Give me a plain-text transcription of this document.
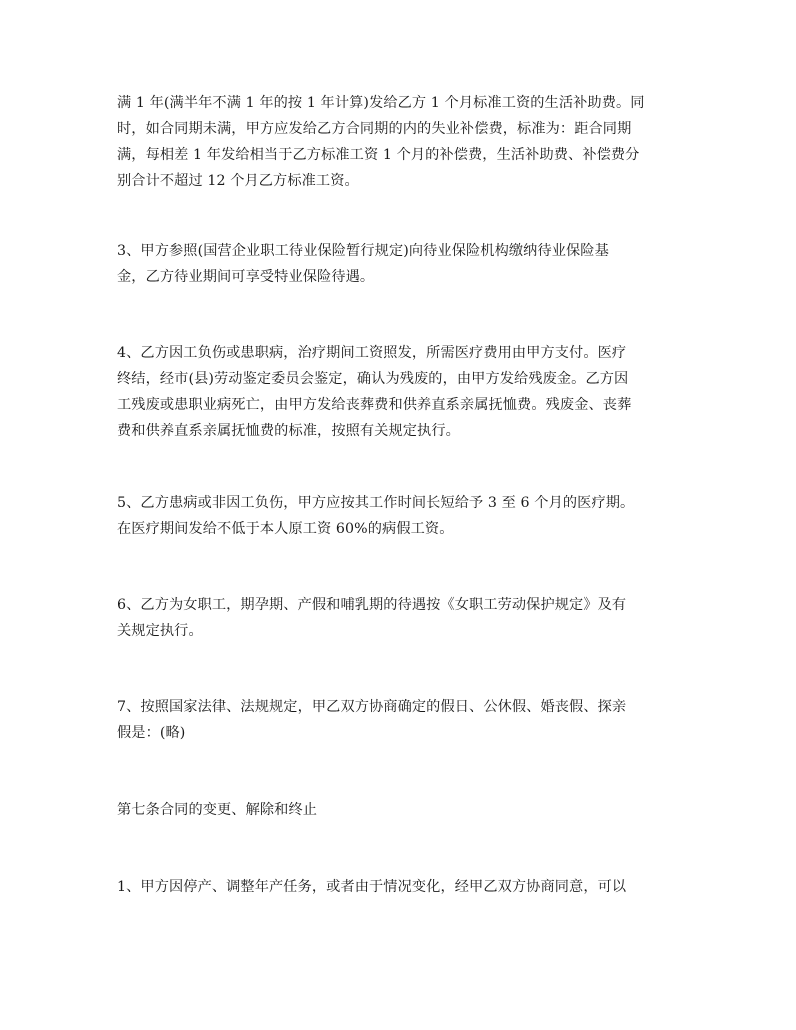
满 1 年(满半年不满 1 年的按 1 年计算)发给乙方 1 个月标准工资的生活补助费。同
时，如合同期未满，甲方应发给乙方合同期的内的失业补偿费，标准为：距合同期
满，每相差 1 年发给相当于乙方标准工资 1 个月的补偿费，生活补助费、补偿费分
别合计不超过 12 个月乙方标准工资。
3、甲方参照(国营企业职工待业保险暂行规定)向待业保险机构缴纳待业保险基
金，乙方待业期间可享受特业保险待遇。
4、乙方因工负伤或患职病，治疗期间工资照发，所需医疗费用由甲方支付。医疗
终结，经市(县)劳动鉴定委员会鉴定，确认为残废的，由甲方发给残废金。乙方因
工残废或患职业病死亡，由甲方发给丧葬费和供养直系亲属抚恤费。残废金、丧葬
费和供养直系亲属抚恤费的标准，按照有关规定执行。
5、乙方患病或非因工负伤，甲方应按其工作时间长短给予 3 至 6 个月的医疗期。
在医疗期间发给不低于本人原工资 60%的病假工资。
6、乙方为女职工，期孕期、产假和哺乳期的待遇按《女职工劳动保护规定》及有
关规定执行。
7、按照国家法律、法规规定，甲乙双方协商确定的假日、公休假、婚丧假、探亲
假是：(略)
第七条合同的变更、解除和终止
1、甲方因停产、调整年产任务，或者由于情况变化，经甲乙双方协商同意，可以
